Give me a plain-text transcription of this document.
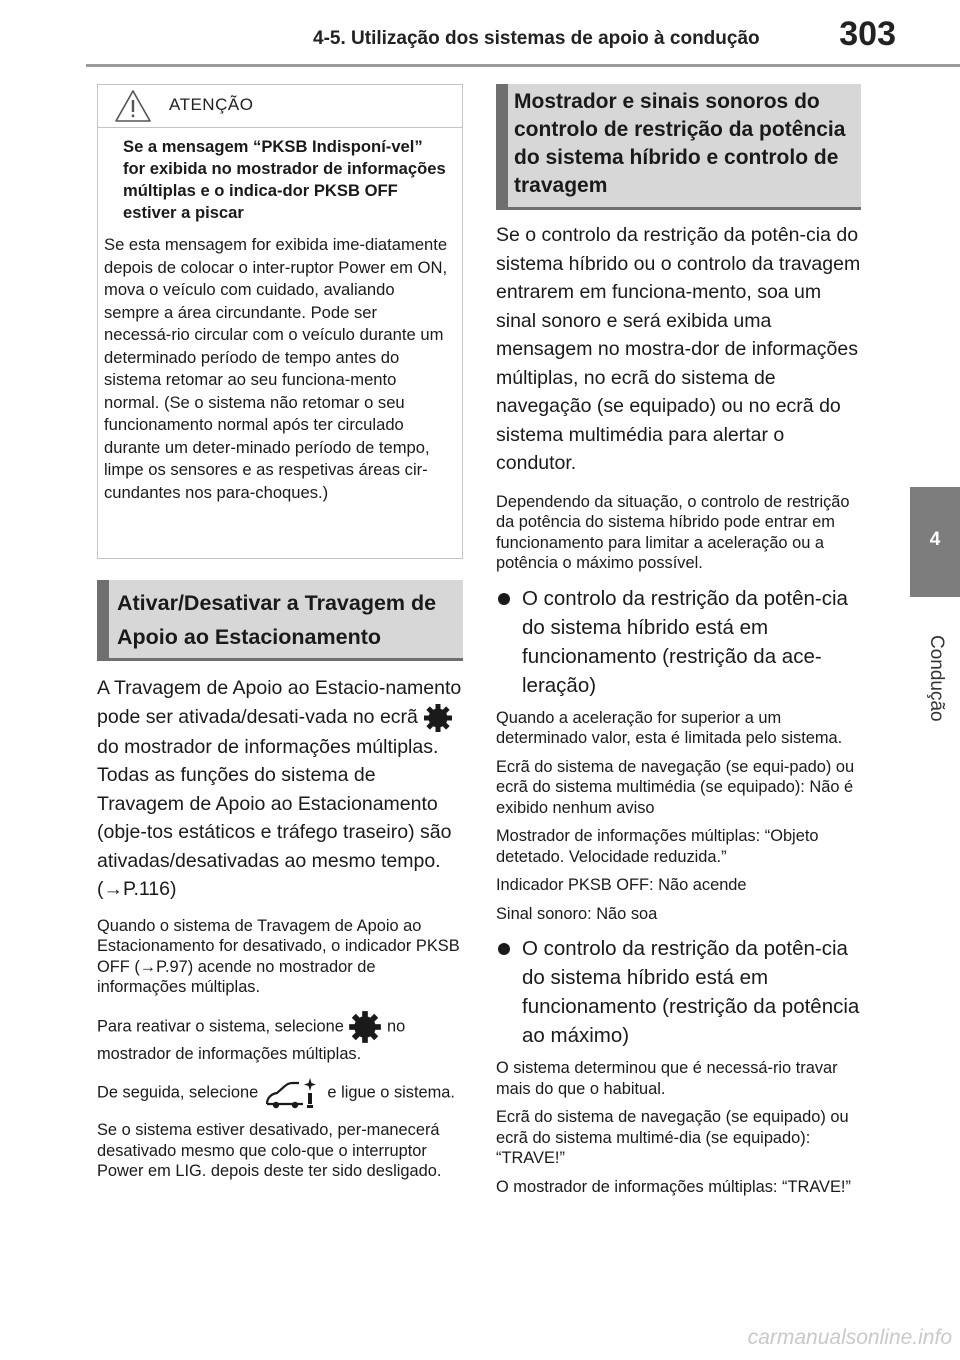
4-5. Utilização dos sistemas de apoio à condução 303
4
Condução
ATENÇÃO

Se a mensagem “PKSB Indisponí-vel” for exibida no mostrador de informações múltiplas e o indica-dor PKSB OFF estiver a piscar

Se esta mensagem for exibida ime-diatamente depois de colocar o inter-ruptor Power em ON, mova o veículo com cuidado, avaliando sempre a área circundante. Pode ser necessá-rio circular com o veículo durante um determinado período de tempo antes do sistema retomar ao seu funciona-mento normal. (Se o sistema não retomar o seu funcionamento normal após ter circulado durante um deter-minado período de tempo, limpe os sensores e as respetivas áreas cir-cundantes nos para-choques.)

Ativar/Desativar a Travagem de Apoio ao Estacionamento

A Travagem de Apoio ao Estacio-namento pode ser ativada/desati-vada no ecrã  do mostrador de informações múltiplas. Todas as funções do sistema de Travagem de Apoio ao Estacionamento (obje-tos estáticos e tráfego traseiro) são ativadas/desativadas ao mesmo tempo. (→P.116)

Quando o sistema de Travagem de Apoio ao Estacionamento for desativado, o indicador PKSB OFF (→P.97) acende no mostrador de informações múltiplas.

Para reativar o sistema, selecione	no mostrador de informações múltiplas.

De seguida, selecione	e ligue o sistema.

Se o sistema estiver desativado, per-manecerá desativado mesmo que colo-que o interruptor Power em LIG. depois deste ter sido desligado.

Mostrador e sinais sonoros do controlo de restrição da potência do sistema híbrido e controlo de travagem

Se o controlo da restrição da potên-cia do sistema híbrido ou o controlo da travagem entrarem em funciona-mento, soa um sinal sonoro e será exibida uma mensagem no mostra-dor de informações múltiplas, no ecrã do sistema de navegação (se equipado) ou no ecrã do sistema multimédia para alertar o condutor.

Dependendo da situação, o controlo de restrição da potência do sistema híbrido pode entrar em funcionamento para limitar a aceleração ou a potência o máximo possível.

O controlo da restrição da potên-cia do sistema híbrido está em funcionamento (restrição da ace-leração)

Quando a aceleração for superior a um determinado valor, esta é limitada pelo sistema.

Ecrã do sistema de navegação (se equi-pado) ou ecrã do sistema multimédia (se equipado): Não é exibido nenhum aviso

Mostrador de informações múltiplas: “Objeto detetado. Velocidade reduzida.”

Indicador PKSB OFF: Não acende

Sinal sonoro: Não soa

O controlo da restrição da potên-cia do sistema híbrido está em funcionamento (restrição da potência ao máximo)

O sistema determinou que é necessá-rio travar mais do que o habitual.

Ecrã do sistema de navegação (se equipado) ou ecrã do sistema multimé-dia (se equipado): “TRAVE!”

O mostrador de informações múltiplas: “TRAVE!”

carmanualsonline.info
